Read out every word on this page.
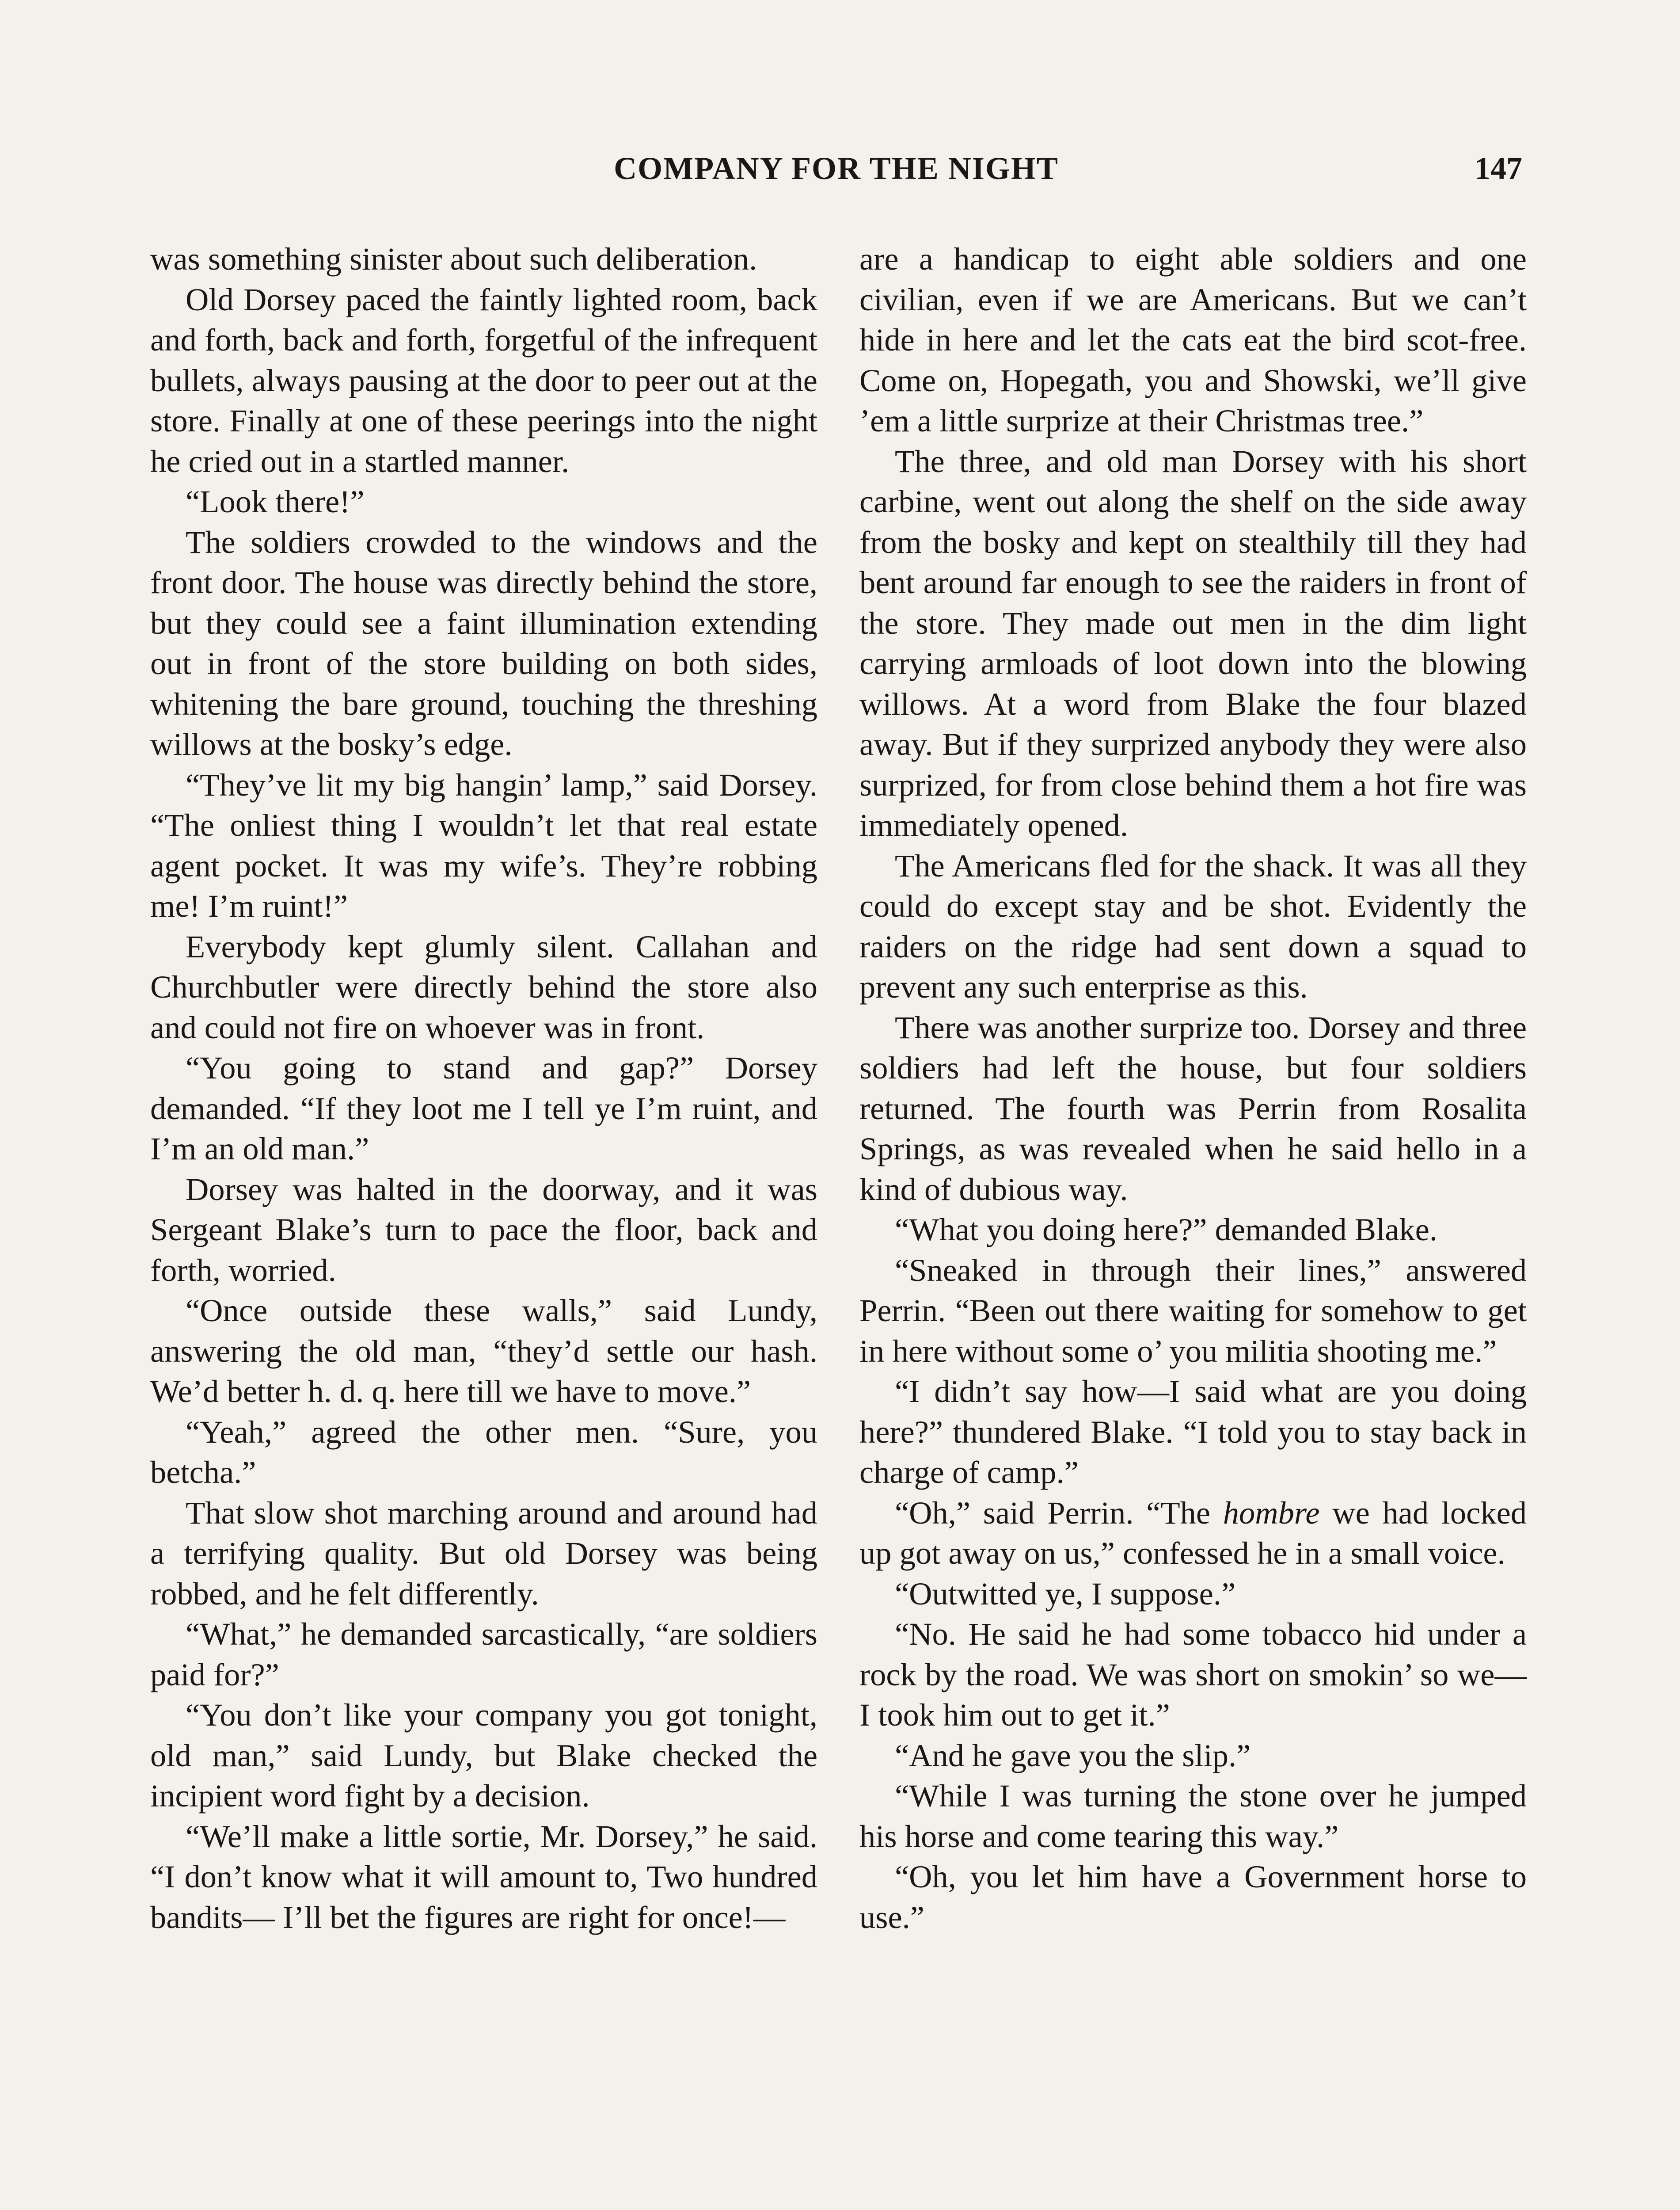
COMPANY FOR THE NIGHT	147

was something sinister about such deliberation.

Old Dorsey paced the faintly lighted room, back and forth, back and forth, forgetful of the infrequent bullets, always pausing at the door to peer out at the store. Finally at one of these peerings into the night he cried out in a startled manner.

“Look there!”

The soldiers crowded to the windows and the front door. The house was directly behind the store, but they could see a faint illumination extending out in front of the store building on both sides, whitening the bare ground, touching the threshing willows at the bosky’s edge.

“They’ve lit my big hangin’ lamp,” said Dorsey. “The onliest thing I wouldn’t let that real estate agent pocket. It was my wife’s. They’re robbing me! I’m ruint!”

Everybody kept glumly silent. Callahan and Churchbutler were directly behind the store also and could not fire on whoever was in front.

“You going to stand and gap?” Dorsey demanded. “If they loot me I tell ye I’m ruint, and I’m an old man.”

Dorsey was halted in the doorway, and it was Sergeant Blake’s turn to pace the floor, back and forth, worried.

“Once outside these walls,” said Lundy, answering the old man, “they’d settle our hash. We’d better h. d. q. here till we have to move.”

“Yeah,” agreed the other men. “Sure, you betcha.”

That slow shot marching around and around had a terrifying quality. But old Dorsey was being robbed, and he felt differently.

“What,” he demanded sarcastically, “are soldiers paid for?”

“You don’t like your company you got tonight, old man,” said Lundy, but Blake checked the incipient word fight by a decision.

“We’ll make a little sortie, Mr. Dorsey,” he said. “I don’t know what it will amount to, Two hundred bandits— I’ll bet the figures are right for once!—

are a handicap to eight able soldiers and one civilian, even if we are Americans. But we can’t hide in here and let the cats eat the bird scot-free. Come on, Hopegath, you and Showski, we’ll give ’em a little surprize at their Christmas tree.”

The three, and old man Dorsey with his short carbine, went out along the shelf on the side away from the bosky and kept on stealthily till they had bent around far enough to see the raiders in front of the store. They made out men in the dim light carrying armloads of loot down into the blowing willows. At a word from Blake the four blazed away. But if they surprized anybody they were also surprized, for from close behind them a hot fire was immediately opened.

The Americans fled for the shack. It was all they could do except stay and be shot. Evidently the raiders on the ridge had sent down a squad to prevent any such enterprise as this.

There was another surprize too. Dorsey and three soldiers had left the house, but four soldiers returned. The fourth was Perrin from Rosalita Springs, as was revealed when he said hello in a kind of dubious way.

“What you doing here?” demanded Blake.

“Sneaked in through their lines,” answered Perrin. “Been out there waiting for somehow to get in here without some o’ you militia shooting me.”

“I didn’t say how—I said what are you doing here?” thundered Blake. “I told you to stay back in charge of camp.”

“Oh,” said Perrin. “The hombre we had locked up got away on us,” confessed he in a small voice.

“Outwitted ye, I suppose.”

“No. He said he had some tobacco hid under a rock by the road. We was short on smokin’ so we— I took him out to get it.”

“And he gave you the slip.”

“While I was turning the stone over he jumped his horse and come tearing this way.”

“Oh, you let him have a Government horse to use.”
